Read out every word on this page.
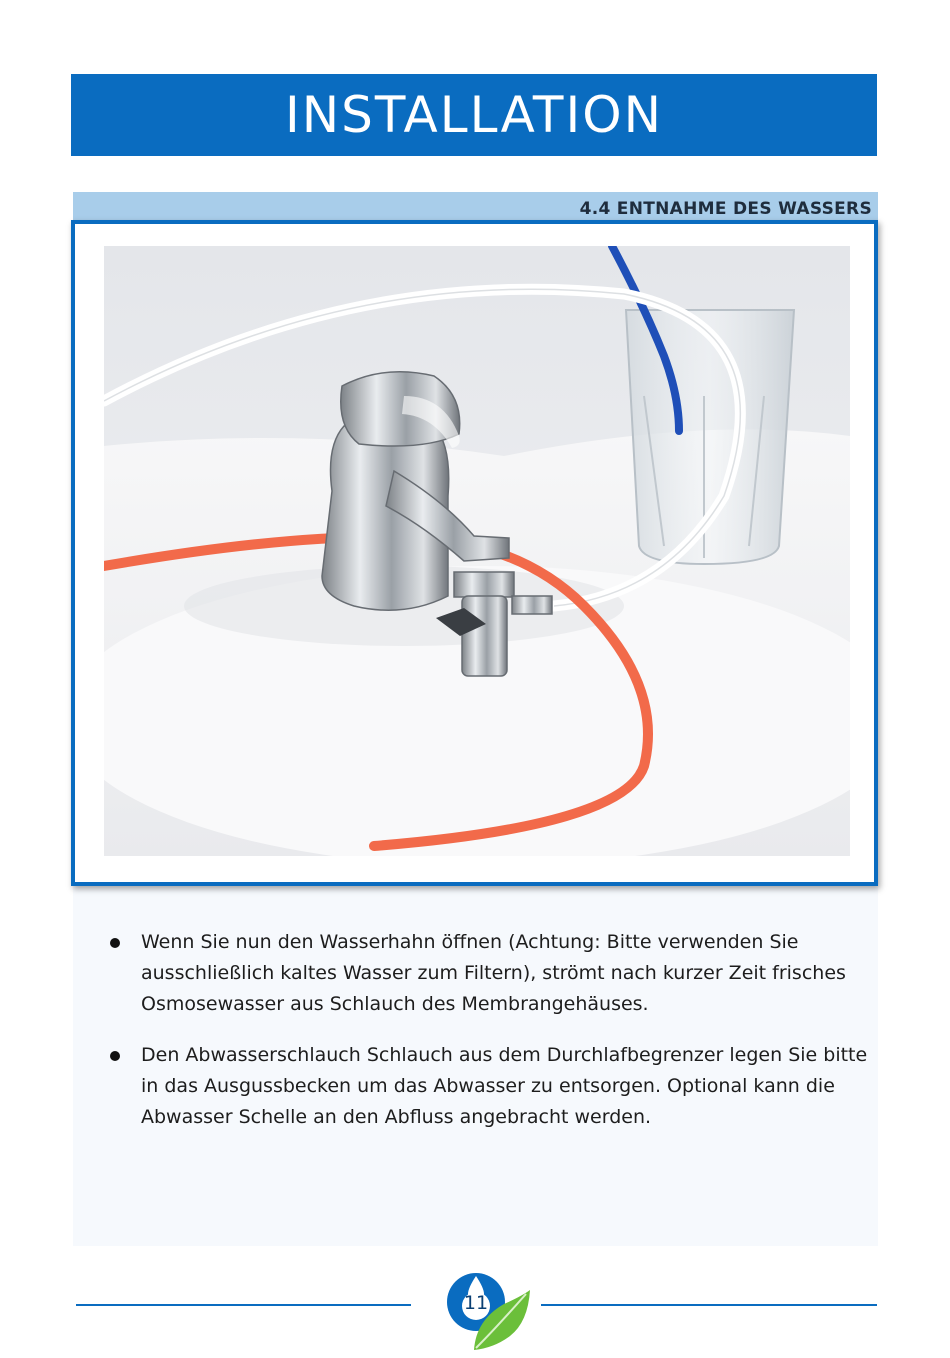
INSTALLATION
4.4 ENTNAHME DES WASSERS
Wenn Sie nun den Wasserhahn öffnen (Achtung: Bitte verwenden Sie ausschließlich kaltes Wasser zum Filtern), strömt nach kurzer Zeit frisches Osmosewasser aus Schlauch des Membrangehäuses.
Den Abwasserschlauch Schlauch aus dem Durchlafbegrenzer legen Sie bitte in das Ausgussbecken um das Abwasser zu entsorgen. Optional kann die Abwasser Schelle an den Abfluss angebracht werden.
11
